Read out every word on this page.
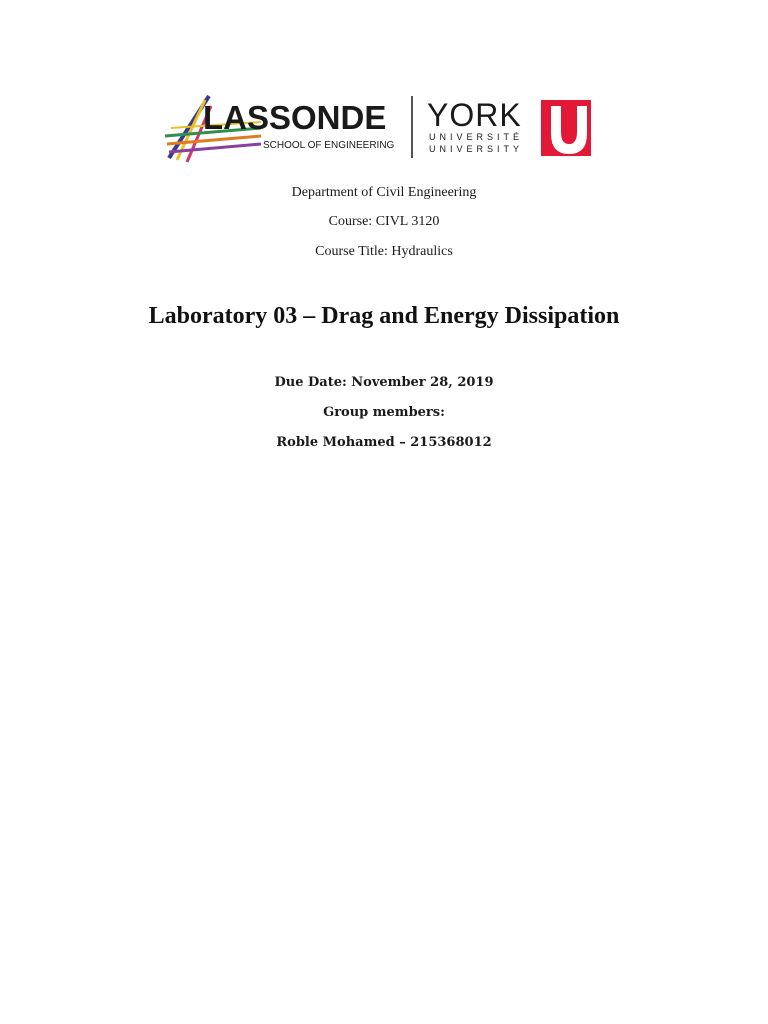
LASSONDE
SCHOOL OF ENGINEERING
YORK
UNIVERSITÉ
UNIVERSITY

Department of Civil Engineering

Course: CIVL 3120

Course Title: Hydraulics

Laboratory 03 – Drag and Energy Dissipation

Due Date: November 28, 2019

Group members:

Roble Mohamed – 215368012
